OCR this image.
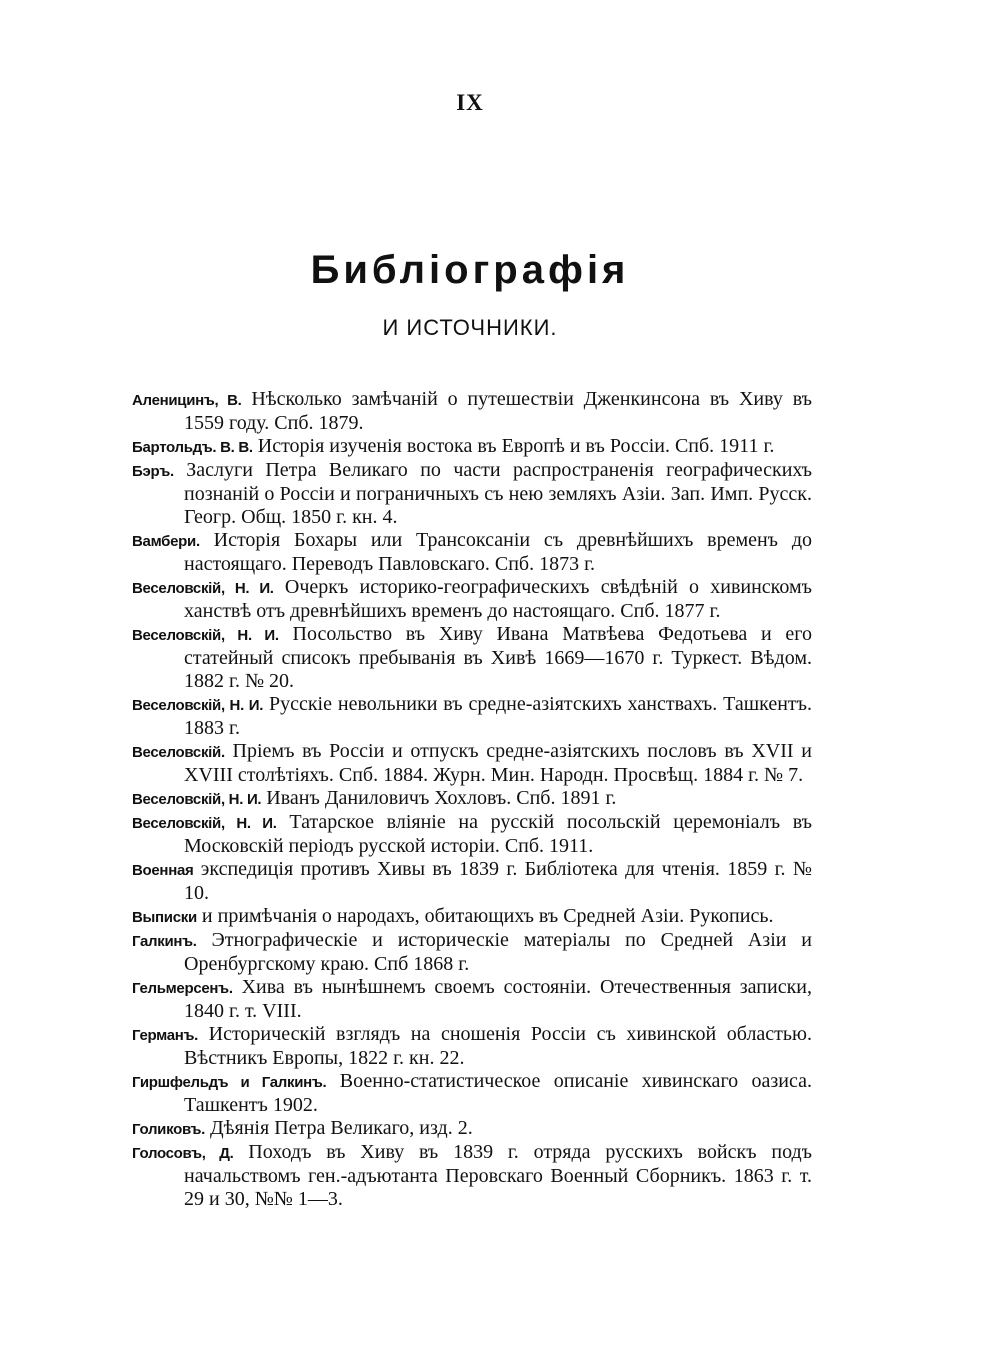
IX
Библіографія
И ИСТОЧНИКИ.

Аленицинъ, В. Нѣсколько замѣчаній о путешествіи Дженкинсона въ Хиву въ 1559 году. Спб. 1879.

Бартольдъ. В. В. Исторія изученія востока въ Европѣ и въ Россіи. Спб. 1911 г.

Бэръ. Заслуги Петра Великаго по части распространенія географическихъ познаній о Россіи и пограничныхъ съ нею земляхъ Азіи. Зап. Имп. Русск. Геогр. Общ. 1850 г. кн. 4.

Вамбери. Исторія Бохары или Трансоксаніи съ древнѣйшихъ временъ до настоящаго. Переводъ Павловскаго. Спб. 1873 г.

Веселовскій, Н. И. Очеркъ историко-географическихъ свѣдѣній о хивинскомъ ханствѣ отъ древнѣйшихъ временъ до настоящаго. Спб. 1877 г.

Веселовскій, Н. И. Посольство въ Хиву Ивана Матвѣева Федотьева и его статейный списокъ пребыванія въ Хивѣ 1669—1670 г. Туркест. Вѣдом. 1882 г. № 20.

Веселовскій, Н. И. Русскіе невольники въ средне-азіятскихъ ханствахъ. Ташкентъ. 1883 г.

Веселовскій. Пріемъ въ Россіи и отпускъ средне-азіятскихъ пословъ въ XVII и XVIII столѣтіяхъ. Спб. 1884. Журн. Мин. Народн. Просвѣщ. 1884 г. № 7.

Веселовскій, Н. И. Иванъ Даниловичъ Хохловъ. Спб. 1891 г.

Веселовскій, Н. И. Татарское вліяніе на русскій посольскій церемоніалъ въ Московскій періодъ русской исторіи. Спб. 1911.

Военная экспедиція противъ Хивы въ 1839 г. Библіотека для чтенія. 1859 г. № 10.

Выписки и примѣчанія о народахъ, обитающихъ въ Средней Азіи. Рукопись.

Галкинъ. Этнографическіе и историческіе матеріалы по Средней Азіи и Оренбургскому краю. Спб 1868 г.

Гельмерсенъ. Хива въ нынѣшнемъ своемъ состояніи. Отечественныя записки, 1840 г. т. VIII.

Германъ. Историческій взглядъ на сношенія Россіи съ хивинской областью. Вѣстникъ Европы, 1822 г. кн. 22.

Гиршфельдъ и Галкинъ. Военно-статистическое описаніе хивинскаго оазиса. Ташкентъ 1902.

Голиковъ. Дѣянія Петра Великаго, изд. 2.

Голосовъ, Д. Походъ въ Хиву въ 1839 г. отряда русскихъ войскъ подъ начальствомъ ген.-адъютанта Перовскаго Военный Сборникъ. 1863 г. т. 29 и 30, №№ 1—3.
